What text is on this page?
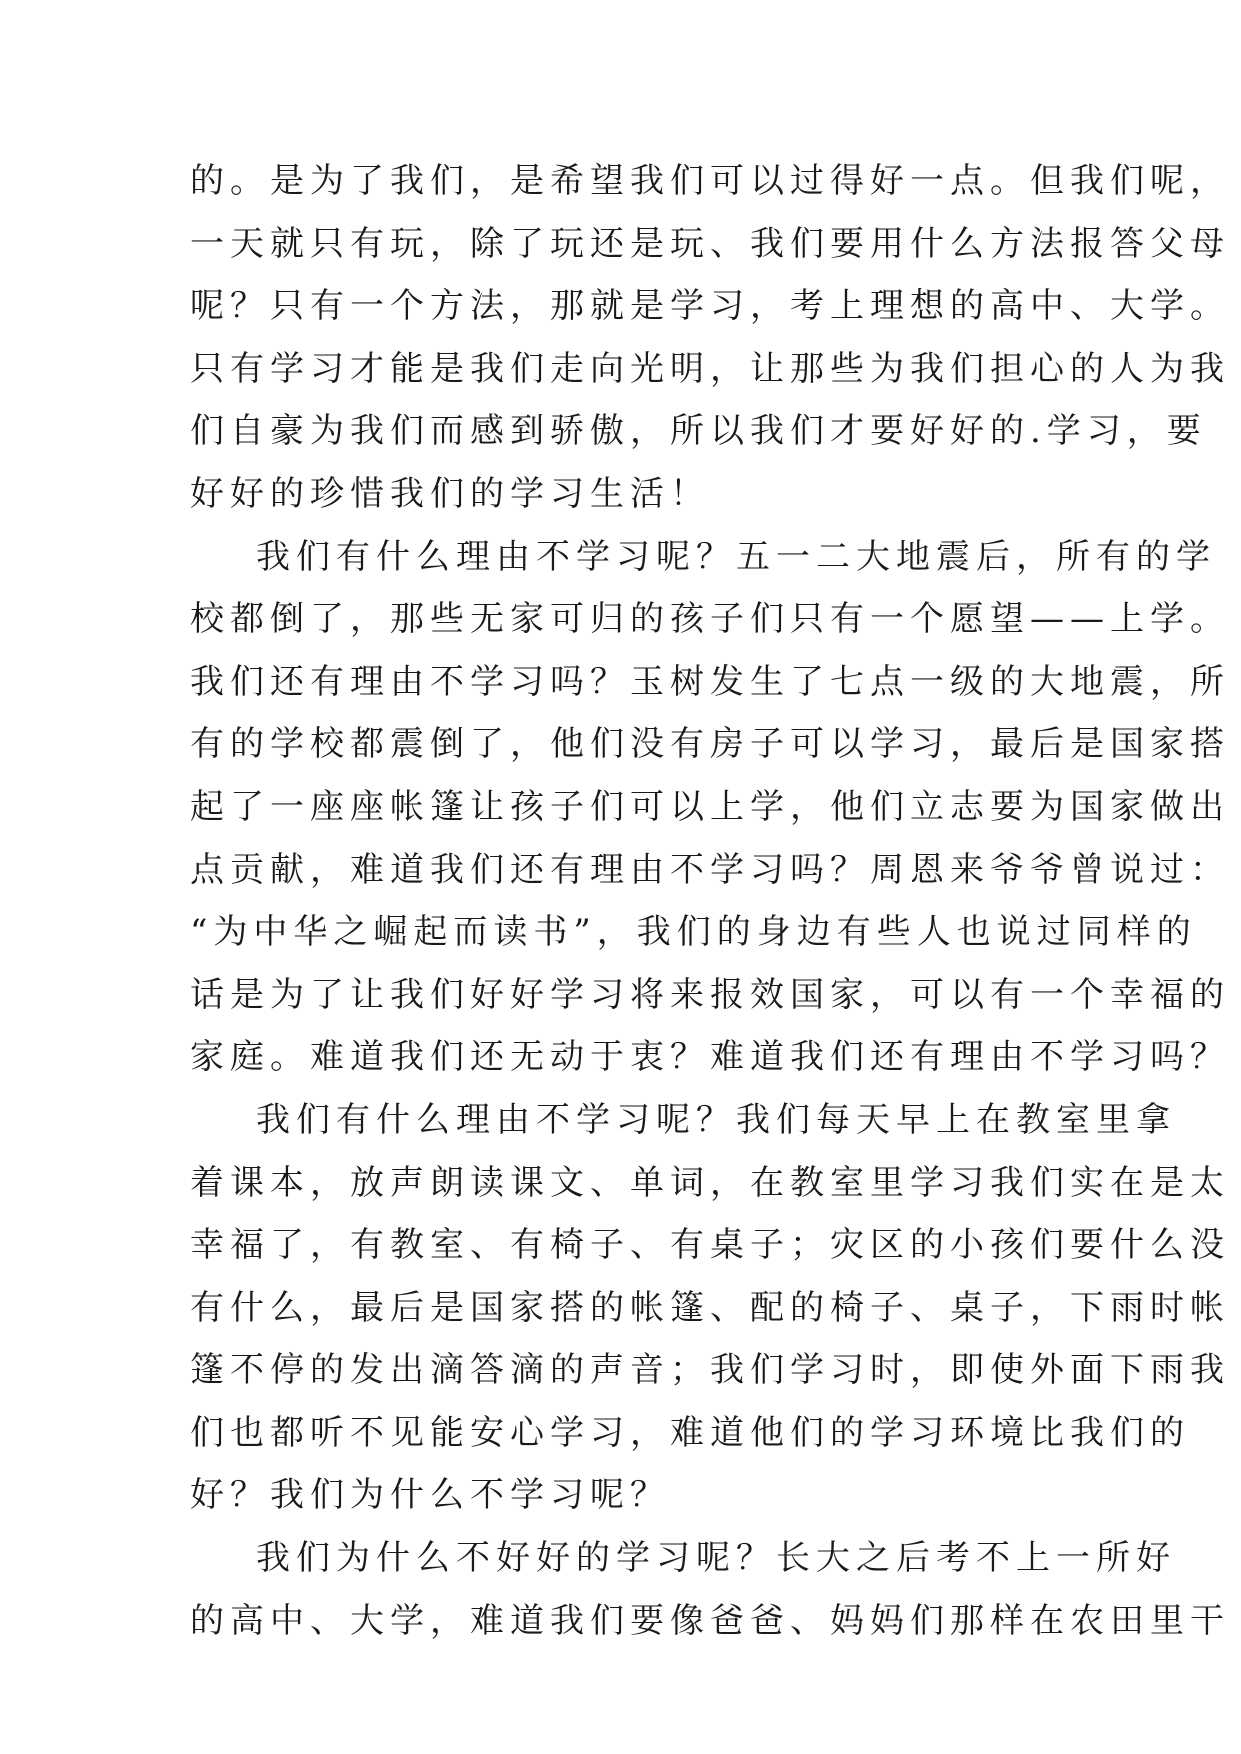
的。是为了我们，是希望我们可以过得好一点。但我们呢，
一天就只有玩，除了玩还是玩、我们要用什么方法报答父母
呢？只有一个方法，那就是学习，考上理想的高中、大学。
只有学习才能是我们走向光明，让那些为我们担心的人为我
们自豪为我们而感到骄傲，所以我们才要好好的.学习，要
好好的珍惜我们的学习生活！
我们有什么理由不学习呢？五一二大地震后，所有的学
校都倒了，那些无家可归的孩子们只有一个愿望——上学。
我们还有理由不学习吗？玉树发生了七点一级的大地震，所
有的学校都震倒了，他们没有房子可以学习，最后是国家搭
起了一座座帐篷让孩子们可以上学，他们立志要为国家做出
点贡献，难道我们还有理由不学习吗？周恩来爷爷曾说过：
“为中华之崛起而读书”，我们的身边有些人也说过同样的
话是为了让我们好好学习将来报效国家，可以有一个幸福的
家庭。难道我们还无动于衷？难道我们还有理由不学习吗？
我们有什么理由不学习呢？我们每天早上在教室里拿
着课本，放声朗读课文、单词，在教室里学习我们实在是太
幸福了，有教室、有椅子、有桌子；灾区的小孩们要什么没
有什么，最后是国家搭的帐篷、配的椅子、桌子，下雨时帐
篷不停的发出滴答滴的声音；我们学习时，即使外面下雨我
们也都听不见能安心学习，难道他们的学习环境比我们的
好？我们为什么不学习呢？
我们为什么不好好的学习呢？长大之后考不上一所好
的高中、大学，难道我们要像爸爸、妈妈们那样在农田里干
